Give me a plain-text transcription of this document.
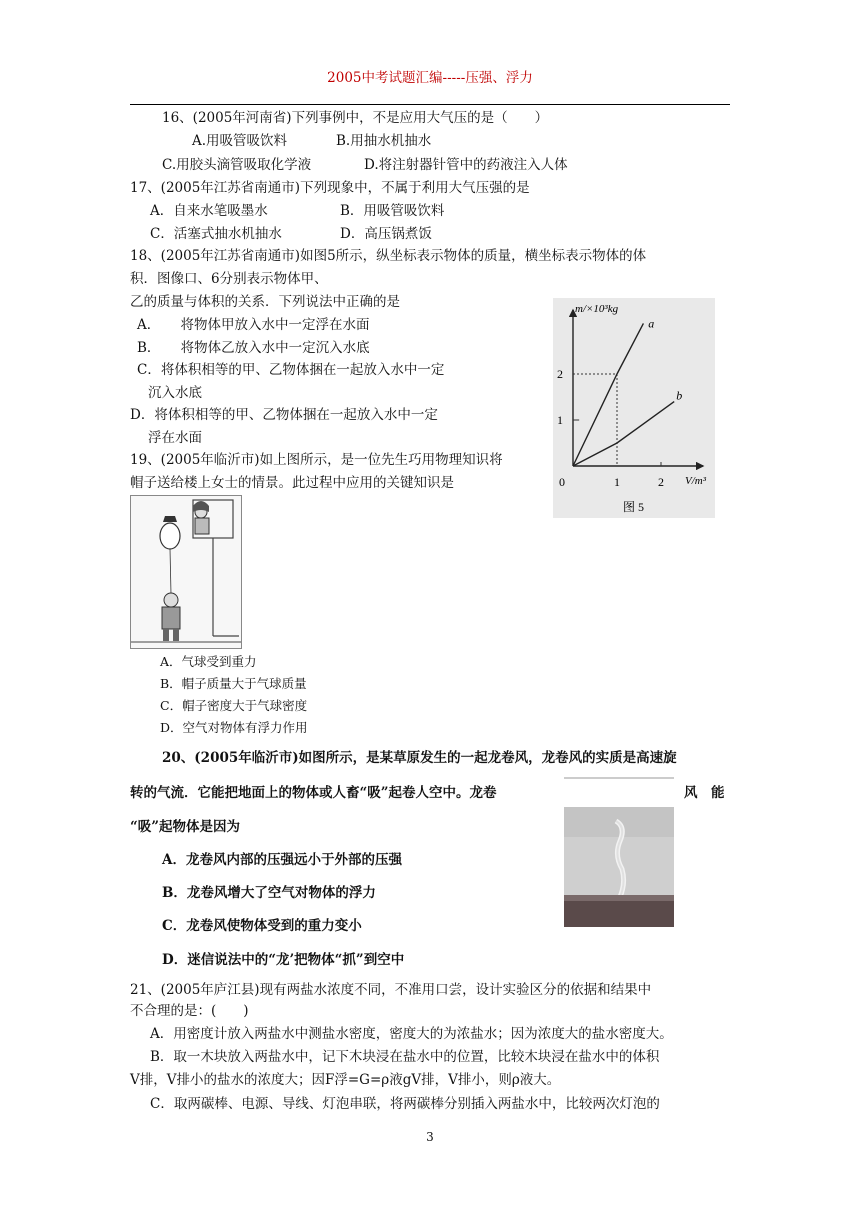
2005中考试题汇编-----压强、浮力
16、(2005年河南省)下列事例中，不是应用大气压的是（　　）
A.用吸管吸饮料	B.用抽水机抽水
C.用胶头滴管吸取化学液	D.将注射器针管中的药液注入人体
17、(2005年江苏省南通市)下列现象中，不属于利用大气压强的是
A．自来水笔吸墨水	B．用吸管吸饮料
C．活塞式抽水机抽水	D．高压锅煮饭
18、(2005年江苏省南通市)如图5所示，纵坐标表示物体的质量，横坐标表示物体的体
积．图像口、6分别表示物体甲、
乙的质量与体积的关系．下列说法中正确的是
A．　　将物体甲放入水中一定浮在水面
B．　　将物体乙放入水中一定沉入水底
C．将体积相等的甲、乙物体捆在一起放入水中一定
沉入水底
D．将体积相等的甲、乙物体捆在一起放入水中一定
浮在水面
a
b
1	2
1
2
m/×10³kg
V/m³
0
图 5
19、(2005年临沂市)如上图所示，是一位先生巧用物理知识将
帽子送给楼上女士的情景。此过程中应用的关键知识是
A．气球受到重力
B．帽子质量大于气球质量
C．帽子密度大于气球密度
D．空气对物体有浮力作用
20、(2005年临沂市)如图所示，是某草原发生的一起龙卷风，龙卷风的实质是高速旋
转的气流．它能把地面上的物体或人畜“吸”起卷人空中。龙卷	风　能
“吸”起物体是因为
A．龙卷风内部的压强远小于外部的压强
B．龙卷风增大了空气对物体的浮力
C．龙卷风使物体受到的重力变小
D．迷信说法中的“龙’把物体“抓”到空中
21、(2005年庐江县)现有两盐水浓度不同，不准用口尝，设计实验区分的依据和结果中
不合理的是：(　　)
A．用密度计放入两盐水中测盐水密度，密度大的为浓盐水；因为浓度大的盐水密度大。
B．取一木块放入两盐水中，记下木块浸在盐水中的位置，比较木块浸在盐水中的体积
V排，V排小的盐水的浓度大；因F浮=G=ρ液gV排，V排小，则ρ液大。
C．取两碳棒、电源、导线、灯泡串联，将两碳棒分别插入两盐水中，比较两次灯泡的
3
